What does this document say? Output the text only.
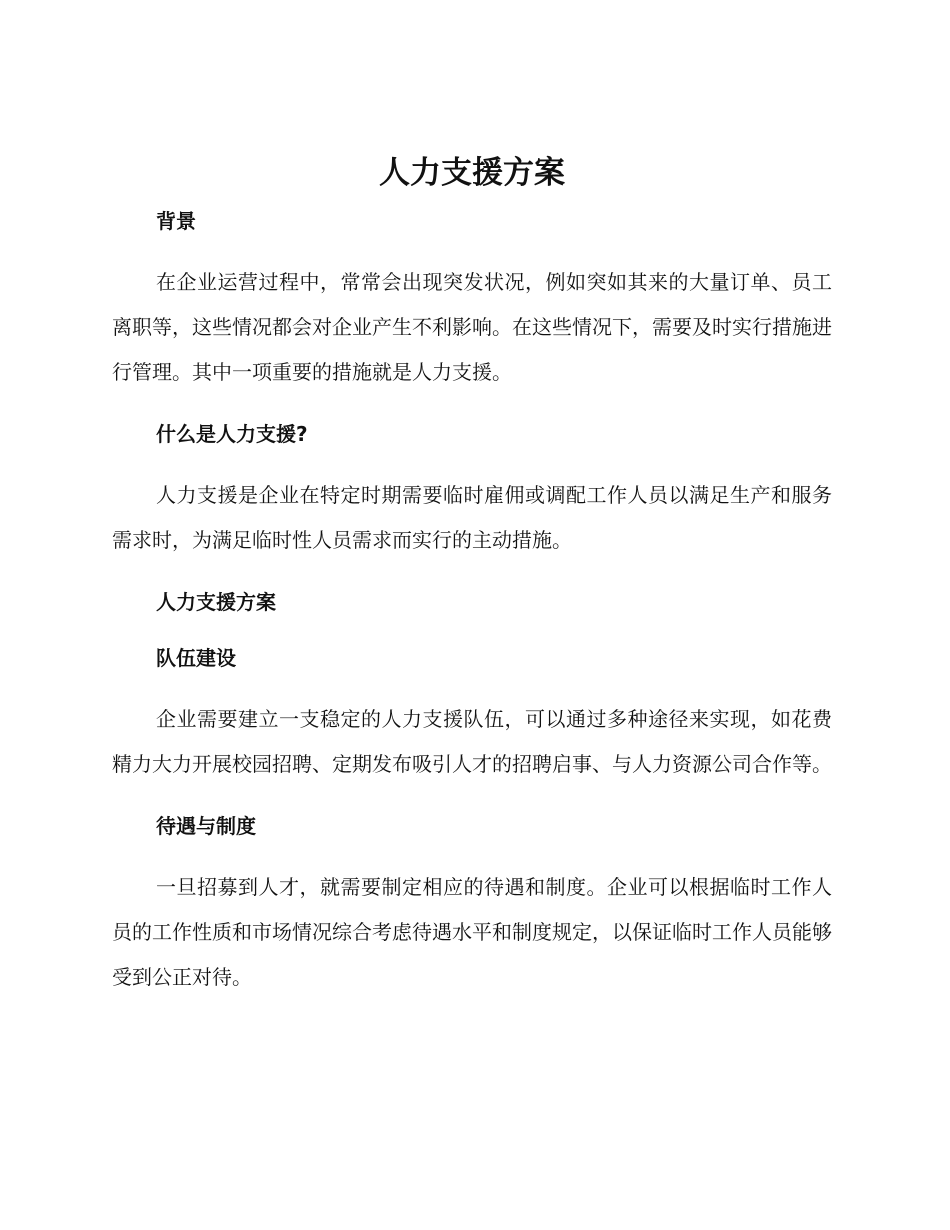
人力支援方案
背景

在企业运营过程中，常常会出现突发状况，例如突如其来的大量订单、员工离职等，这些情况都会对企业产生不利影响。在这些情况下，需要及时实行措施进行管理。其中一项重要的措施就是人力支援。

什么是人力支援?

人力支援是企业在特定时期需要临时雇佣或调配工作人员以满足生产和服务需求时，为满足临时性人员需求而实行的主动措施。

人力支援方案
队伍建设

企业需要建立一支稳定的人力支援队伍，可以通过多种途径来实现，如花费精力大力开展校园招聘、定期发布吸引人才的招聘启事、与人力资源公司合作等。

待遇与制度

一旦招募到人才，就需要制定相应的待遇和制度。企业可以根据临时工作人员的工作性质和市场情况综合考虑待遇水平和制度规定，以保证临时工作人员能够受到公正对待。
